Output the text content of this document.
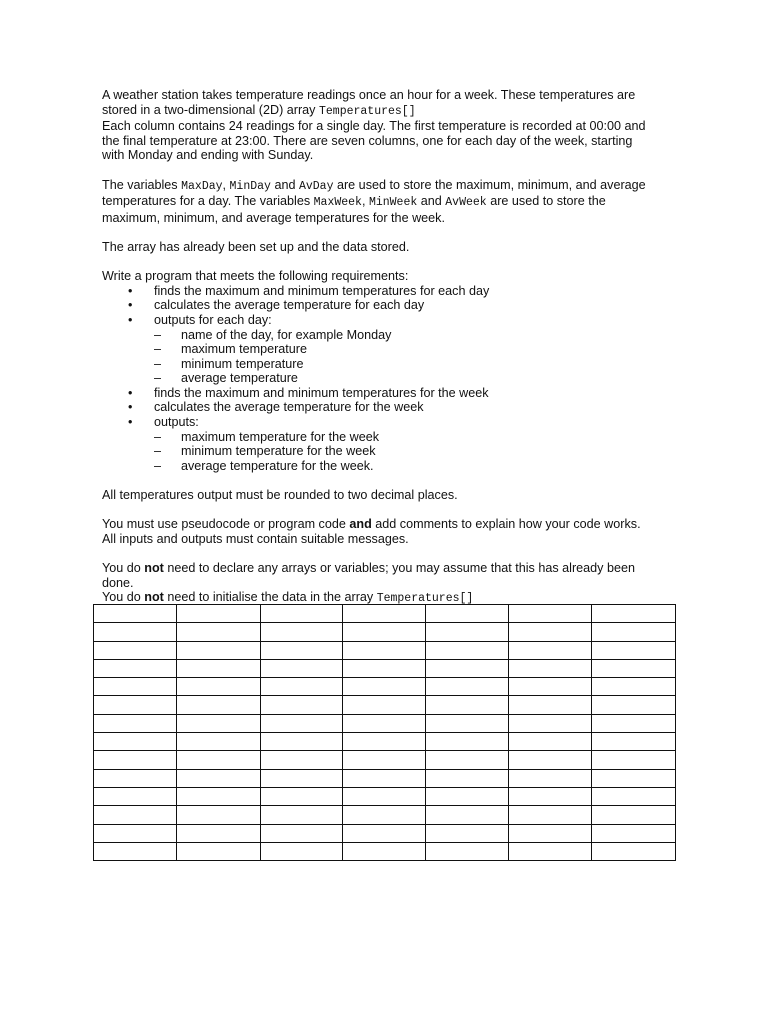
A weather station takes temperature readings once an hour for a week. These temperatures are stored in a two-dimensional (2D) array Temperatures[]
Each column contains 24 readings for a single day. The first temperature is recorded at 00:00 and the final temperature at 23:00. There are seven columns, one for each day of the week, starting with Monday and ending with Sunday.

The variables MaxDay, MinDay and AvDay are used to store the maximum, minimum, and average temperatures for a day. The variables MaxWeek, MinWeek and AvWeek are used to store the maximum, minimum, and average temperatures for the week.

The array has already been set up and the data stored.

Write a program that meets the following requirements:
• finds the maximum and minimum temperatures for each day
• calculates the average temperature for each day
• outputs for each day:
– name of the day, for example Monday
– maximum temperature
– minimum temperature
– average temperature
• finds the maximum and minimum temperatures for the week
• calculates the average temperature for the week
• outputs:
– maximum temperature for the week
– minimum temperature for the week
– average temperature for the week.

All temperatures output must be rounded to two decimal places.

You must use pseudocode or program code and add comments to explain how your code works.
All inputs and outputs must contain suitable messages.

You do not need to declare any arrays or variables; you may assume that this has already been done.
You do not need to initialise the data in the array Temperatures[]
